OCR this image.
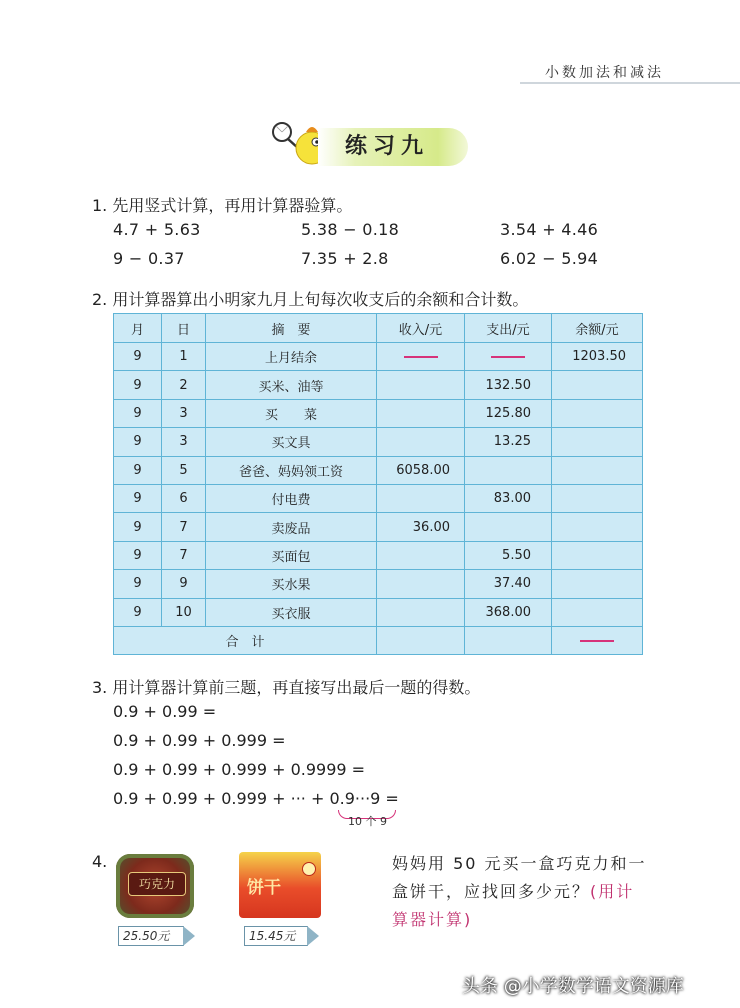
小数加法和减法
练习九
1. 先用竖式计算，再用计算器验算。
4.7 + 5.63	5.38 − 0.18	3.54 + 4.46
9 − 0.37	7.35 + 2.8	6.02 − 5.94
2. 用计算器算出小明家九月上旬每次收支后的余额和合计数。
月	日	摘　要	收入/元	支出/元	余额/元
9	1	上月结余			1203.50
9	2	买米、油等		132.50	
9	3	买　　菜		125.80	
9	3	买文具		13.25	
9	5	爸爸、妈妈领工资	6058.00		
9	6	付电费		83.00	
9	7	卖废品	36.00		
9	7	买面包		5.50	
9	9	买水果		37.40	
9	10	买衣服		368.00	
合　计					
3. 用计算器计算前三题，再直接写出最后一题的得数。
0.9 + 0.99 =
0.9 + 0.99 + 0.999 =
0.9 + 0.99 + 0.999 + 0.9999 =
0.9 + 0.99 + 0.999 + ··· + 0.9···9 =
10 个 9
4.
巧克力
25.50元
饼干
15.45元
妈妈用 50 元买一盒巧克力和一盒饼干，应找回多少元？(用计算器计算)
头条 @小学数学语文资源库
